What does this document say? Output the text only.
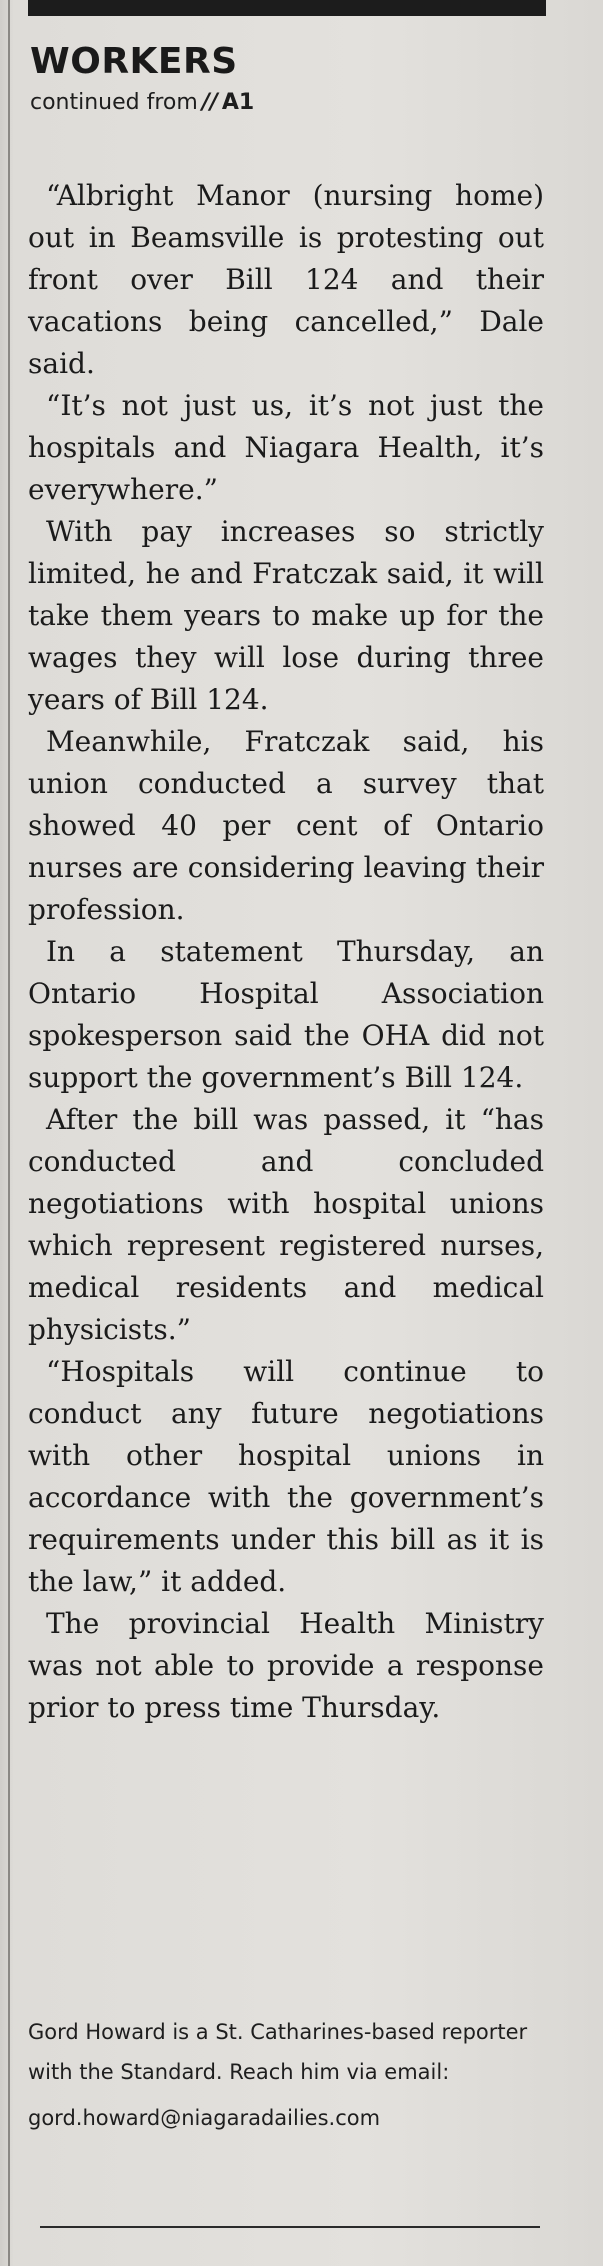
WORKERS
continued from // A1

“Albright Manor (nursing home) out in Beamsville is protesting out front over Bill 124 and their vacations being cancelled,” Dale said.

“It’s not just us, it’s not just the hospitals and Niagara Health, it’s everywhere.”

With pay increases so strictly limited, he and Fratczak said, it will take them years to make up for the wages they will lose during three years of Bill 124.

Meanwhile, Fratczak said, his union conducted a survey that showed 40 per cent of Ontario nurses are considering leaving their profession.

In a statement Thursday, an Ontario Hospital Association spokesperson said the OHA did not support the government’s Bill 124.

After the bill was passed, it “has conducted and concluded negotiations with hospital unions which represent registered nurses, medical residents and medical physicists.”

“Hospitals will continue to conduct any future negotiations with other hospital unions in accordance with the government’s requirements under this bill as it is the law,” it added.

The provincial Health Ministry was not able to provide a response prior to press time Thursday.

Gord Howard is a St. Catharines-based reporter with the Standard. Reach him via email:
gord.howard@niagaradailies.com
